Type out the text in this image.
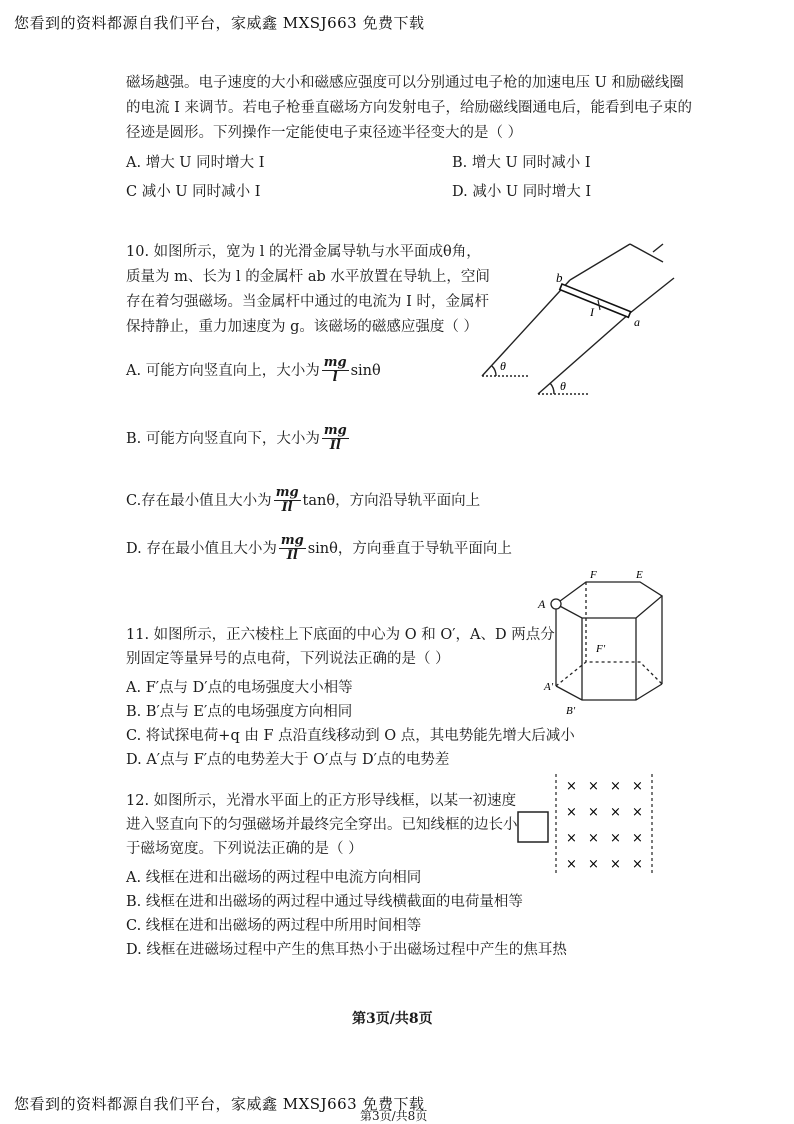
您看到的资料都源自我们平台，家威鑫 MXSJ663 免费下载
磁场越强。电子速度的大小和磁感应强度可以分别通过电子枪的加速电压 U 和励磁线圈
的电流 I 来调节。若电子枪垂直磁场方向发射电子，给励磁线圈通电后，能看到电子束的
径迹是圆形。下列操作一定能使电子束径迹半径变大的是（ ）
A. 增大 U 同时增大 I	B. 增大 U 同时减小 I
C 减小 U 同时减小 I	D. 减小 U 同时增大 I
10. 如图所示，宽为 l 的光滑金属导轨与水平面成θ角，
质量为 m、长为 l 的金属杆 ab 水平放置在导轨上，空间
存在着匀强磁场。当金属杆中通过的电流为 I 时，金属杆
保持静止，重力加速度为 g。该磁场的磁感应强度（ ）
A. 可能方向竖直向上，大小为 $\frac{mg}{l}$ sinθ
B. 可能方向竖直向下，大小为 $\frac{mg}{Il}$
C.存在最小值且大小为 $\frac{mg}{Il}$ tanθ，方向沿导轨平面向上
D. 存在最小值且大小为 $\frac{mg}{Il}$ sinθ，方向垂直于导轨平面向上
b
a
I
θ
θ
11. 如图所示，正六棱柱上下底面的中心为 O 和 O′，A、D 两点分
别固定等量异号的点电荷，下列说法正确的是（ ）
A. F′点与 D′点的电场强度大小相等
B. B′点与 E′点的电场强度方向相同
C. 将试探电荷+q 由 F 点沿直线移动到 O 点，其电势能先增大后减小
D. A′点与 F′点的电势差大于 O′点与 D′点的电势差
A
F	E
A′
B′
F′
12. 如图所示，光滑水平面上的正方形导线框，以某一初速度
进入竖直向下的匀强磁场并最终完全穿出。已知线框的边长小
于磁场宽度。下列说法正确的是（ ）
A. 线框在进和出磁场的两过程中电流方向相同
B. 线框在进和出磁场的两过程中通过导线横截面的电荷量相等
C. 线框在进和出磁场的两过程中所用时间相等
D. 线框在进磁场过程中产生的焦耳热小于出磁场过程中产生的焦耳热
× × × ×
× × × ×
× × × ×
× × × ×
第3页/共8页
您看到的资料都源自我们平台，家威鑫 MXSJ663 免费下载
第3页/共8页
